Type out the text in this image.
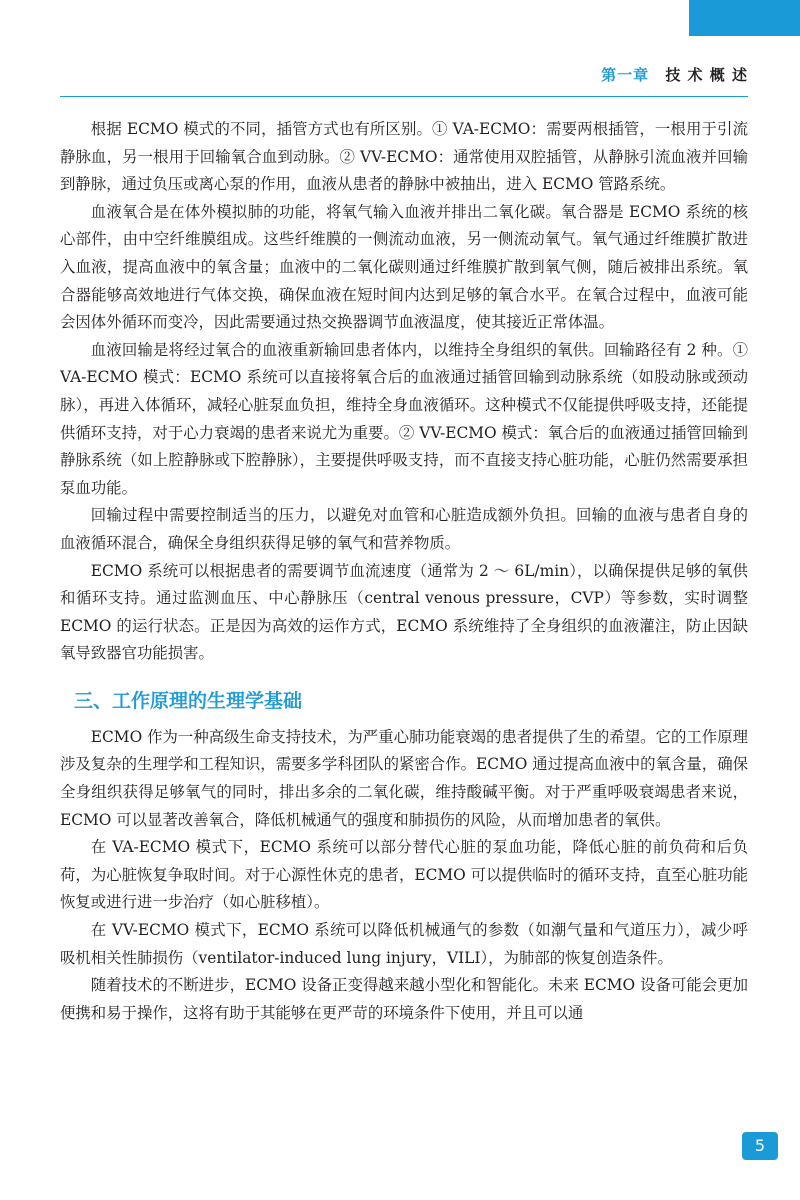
第一章 技 术 概 述

根据 ECMO 模式的不同，插管方式也有所区别。① VA-ECMO：需要两根插管，一根用于引流静脉血，另一根用于回输氧合血到动脉。② VV-ECMO：通常使用双腔插管，从静脉引流血液并回输到静脉，通过负压或离心泵的作用，血液从患者的静脉中被抽出，进入 ECMO 管路系统。

血液氧合是在体外模拟肺的功能，将氧气输入血液并排出二氧化碳。氧合器是 ECMO 系统的核心部件，由中空纤维膜组成。这些纤维膜的一侧流动血液，另一侧流动氧气。氧气通过纤维膜扩散进入血液，提高血液中的氧含量；血液中的二氧化碳则通过纤维膜扩散到氧气侧，随后被排出系统。氧合器能够高效地进行气体交换，确保血液在短时间内达到足够的氧合水平。在氧合过程中，血液可能会因体外循环而变冷，因此需要通过热交换器调节血液温度，使其接近正常体温。

血液回输是将经过氧合的血液重新输回患者体内，以维持全身组织的氧供。回输路径有 2 种。① VA-ECMO 模式：ECMO 系统可以直接将氧合后的血液通过插管回输到动脉系统（如股动脉或颈动脉），再进入体循环，减轻心脏泵血负担，维持全身血液循环。这种模式不仅能提供呼吸支持，还能提供循环支持，对于心力衰竭的患者来说尤为重要。② VV-ECMO 模式：氧合后的血液通过插管回输到静脉系统（如上腔静脉或下腔静脉），主要提供呼吸支持，而不直接支持心脏功能，心脏仍然需要承担泵血功能。

回输过程中需要控制适当的压力，以避免对血管和心脏造成额外负担。回输的血液与患者自身的血液循环混合，确保全身组织获得足够的氧气和营养物质。

ECMO 系统可以根据患者的需要调节血流速度（通常为 2 ～ 6L/min），以确保提供足够的氧供和循环支持。通过监测血压、中心静脉压（central venous pressure，CVP）等参数，实时调整 ECMO 的运行状态。正是因为高效的运作方式，ECMO 系统维持了全身组织的血液灌注，防止因缺氧导致器官功能损害。

三、工作原理的生理学基础

ECMO 作为一种高级生命支持技术，为严重心肺功能衰竭的患者提供了生的希望。它的工作原理涉及复杂的生理学和工程知识，需要多学科团队的紧密合作。ECMO 通过提高血液中的氧含量，确保全身组织获得足够氧气的同时，排出多余的二氧化碳，维持酸碱平衡。对于严重呼吸衰竭患者来说，ECMO 可以显著改善氧合，降低机械通气的强度和肺损伤的风险，从而增加患者的氧供。

在 VA-ECMO 模式下，ECMO 系统可以部分替代心脏的泵血功能，降低心脏的前负荷和后负荷，为心脏恢复争取时间。对于心源性休克的患者，ECMO 可以提供临时的循环支持，直至心脏功能恢复或进行进一步治疗（如心脏移植）。

在 VV-ECMO 模式下，ECMO 系统可以降低机械通气的参数（如潮气量和气道压力），减少呼吸机相关性肺损伤（ventilator-induced lung injury，VILI），为肺部的恢复创造条件。

随着技术的不断进步，ECMO 设备正变得越来越小型化和智能化。未来 ECMO 设备可能会更加便携和易于操作，这将有助于其能够在更严苛的环境条件下使用，并且可以通

5
